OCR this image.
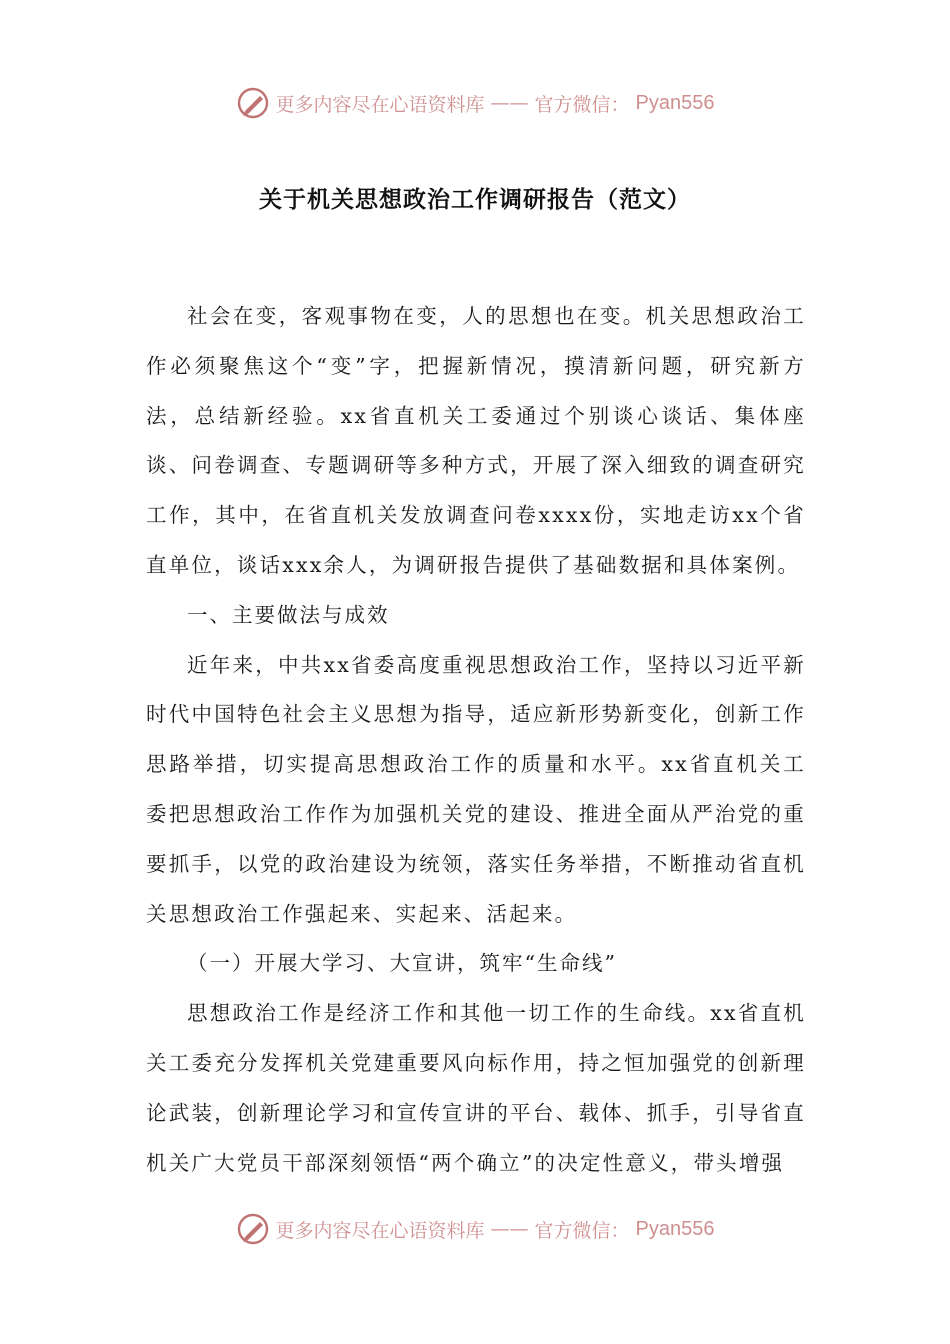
更多内容尽在心语资料库 —— 官方微信： Pyan556
关于机关思想政治工作调研报告（范文）

社会在变，客观事物在变，人的思想也在变。机关思想政治工作必须聚焦这个“变”字，把握新情况，摸清新问题，研究新方法，总结新经验。xx省直机关工委通过个别谈心谈话、集体座谈、问卷调查、专题调研等多种方式，开展了深入细致的调查研究工作，其中，在省直机关发放调查问卷xxxx份，实地走访xx个省直单位，谈话xxx余人，为调研报告提供了基础数据和具体案例。

一、主要做法与成效

近年来，中共xx省委高度重视思想政治工作，坚持以习近平新时代中国特色社会主义思想为指导，适应新形势新变化，创新工作思路举措，切实提高思想政治工作的质量和水平。xx省直机关工委把思想政治工作作为加强机关党的建设、推进全面从严治党的重要抓手，以党的政治建设为统领，落实任务举措，不断推动省直机关思想政治工作强起来、实起来、活起来。

（一）开展大学习、大宣讲，筑牢“生命线”

思想政治工作是经济工作和其他一切工作的生命线。xx省直机关工委充分发挥机关党建重要风向标作用，持之恒加强党的创新理论武装，创新理论学习和宣传宣讲的平台、载体、抓手，引导省直机关广大党员干部深刻领悟“两个确立”的决定性意义，带头增强

更多内容尽在心语资料库 —— 官方微信： Pyan556
